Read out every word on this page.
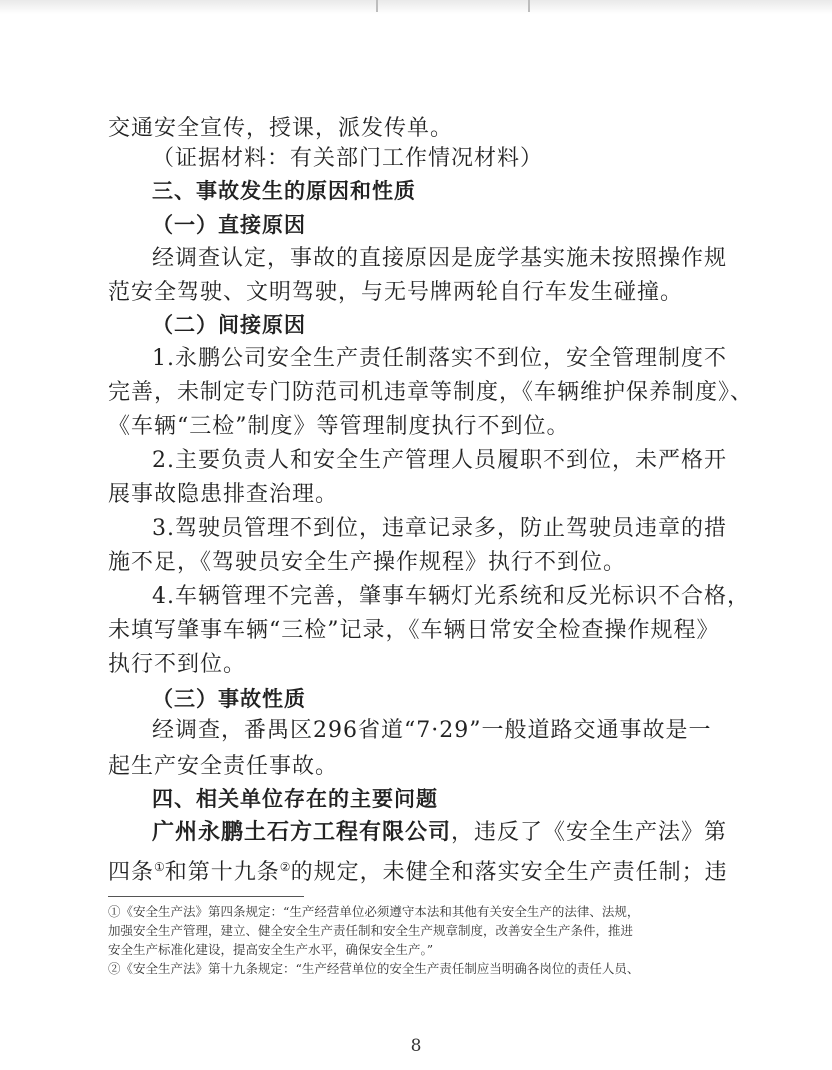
交通安全宣传，授课，派发传单。
（证据材料：有关部门工作情况材料）
三、事故发生的原因和性质
（一）直接原因
经调查认定，事故的直接原因是庞学基实施未按照操作规
范安全驾驶、文明驾驶，与无号牌两轮自行车发生碰撞。
（二）间接原因
1.永鹏公司安全生产责任制落实不到位，安全管理制度不
完善，未制定专门防范司机违章等制度，《车辆维护保养制度》、
《车辆“三检”制度》等管理制度执行不到位。
2.主要负责人和安全生产管理人员履职不到位，未严格开
展事故隐患排查治理。
3.驾驶员管理不到位，违章记录多，防止驾驶员违章的措
施不足，《驾驶员安全生产操作规程》执行不到位。
4.车辆管理不完善，肇事车辆灯光系统和反光标识不合格，
未填写肇事车辆“三检”记录，《车辆日常安全检查操作规程》
执行不到位。
（三）事故性质
经调查，番禺区296省道“7·29”一般道路交通事故是一
起生产安全责任事故。
四、相关单位存在的主要问题
广州永鹏土石方工程有限公司，违反了《安全生产法》第
四条①和第十九条②的规定，未健全和落实安全生产责任制；违
①《安全生产法》第四条规定：“生产经营单位必须遵守本法和其他有关安全生产的法律、法规，
加强安全生产管理，建立、健全安全生产责任制和安全生产规章制度，改善安全生产条件，推进
安全生产标准化建设，提高安全生产水平，确保安全生产。”
②《安全生产法》第十九条规定：“生产经营单位的安全生产责任制应当明确各岗位的责任人员、
8
